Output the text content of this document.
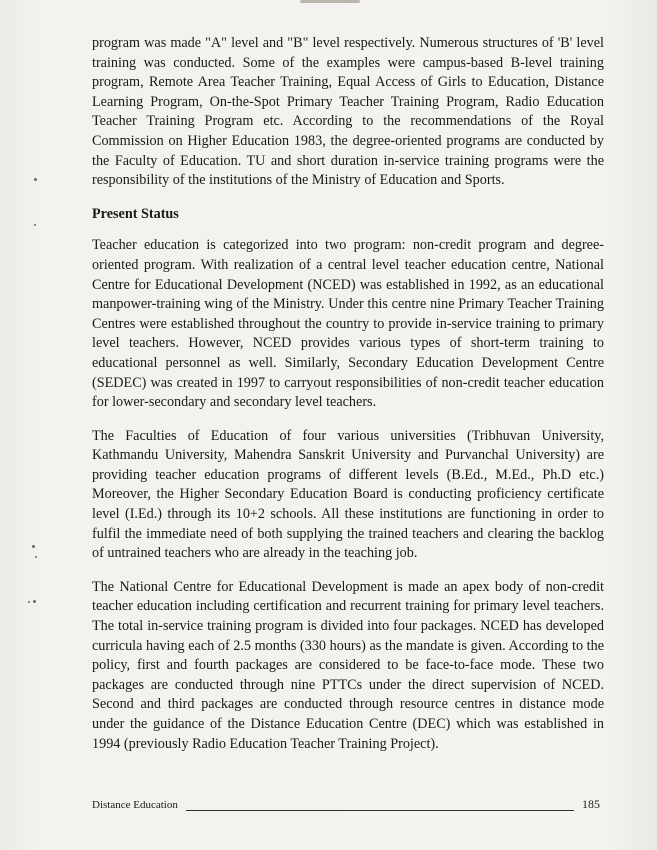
program was made "A" level and "B" level respectively. Numerous structures of 'B' level training was conducted. Some of the examples were campus-based B-level training program, Remote Area Teacher Training, Equal Access of Girls to Education, Distance Learning Program, On-the-Spot Primary Teacher Training Program, Radio Education Teacher Training Program etc. According to the recommendations of the Royal Commission on Higher Education 1983, the degree-oriented programs are conducted by the Faculty of Education. TU and short duration in-service training programs were the responsibility of the institutions of the Ministry of Education and Sports.

Present Status

Teacher education is categorized into two program: non-credit program and degree-oriented program. With realization of a central level teacher education centre, National Centre for Educational Development (NCED) was established in 1992, as an educational manpower-training wing of the Ministry. Under this centre nine Primary Teacher Training Centres were established throughout the country to provide in-service training to primary level teachers. However, NCED provides various types of short-term training to educational personnel as well. Similarly, Secondary Education Development Centre (SEDEC) was created in 1997 to carryout responsibilities of non-credit teacher education for lower-secondary and secondary level teachers.

The Faculties of Education of four various universities (Tribhuvan University, Kathmandu University, Mahendra Sanskrit University and Purvanchal University) are providing teacher education programs of different levels (B.Ed., M.Ed., Ph.D etc.) Moreover, the Higher Secondary Education Board is conducting proficiency certificate level (I.Ed.) through its 10+2 schools. All these institutions are functioning in order to fulfil the immediate need of both supplying the trained teachers and clearing the backlog of untrained teachers who are already in the teaching job.

The National Centre for Educational Development is made an apex body of non-credit teacher education including certification and recurrent training for primary level teachers. The total in-service training program is divided into four packages. NCED has developed curricula having each of 2.5 months (330 hours) as the mandate is given. According to the policy, first and fourth packages are considered to be face-to-face mode. These two packages are conducted through nine PTTCs under the direct supervision of NCED. Second and third packages are conducted through resource centres in distance mode under the guidance of the Distance Education Centre (DEC) which was established in 1994 (previously Radio Education Teacher Training Project).

Distance Education	185
